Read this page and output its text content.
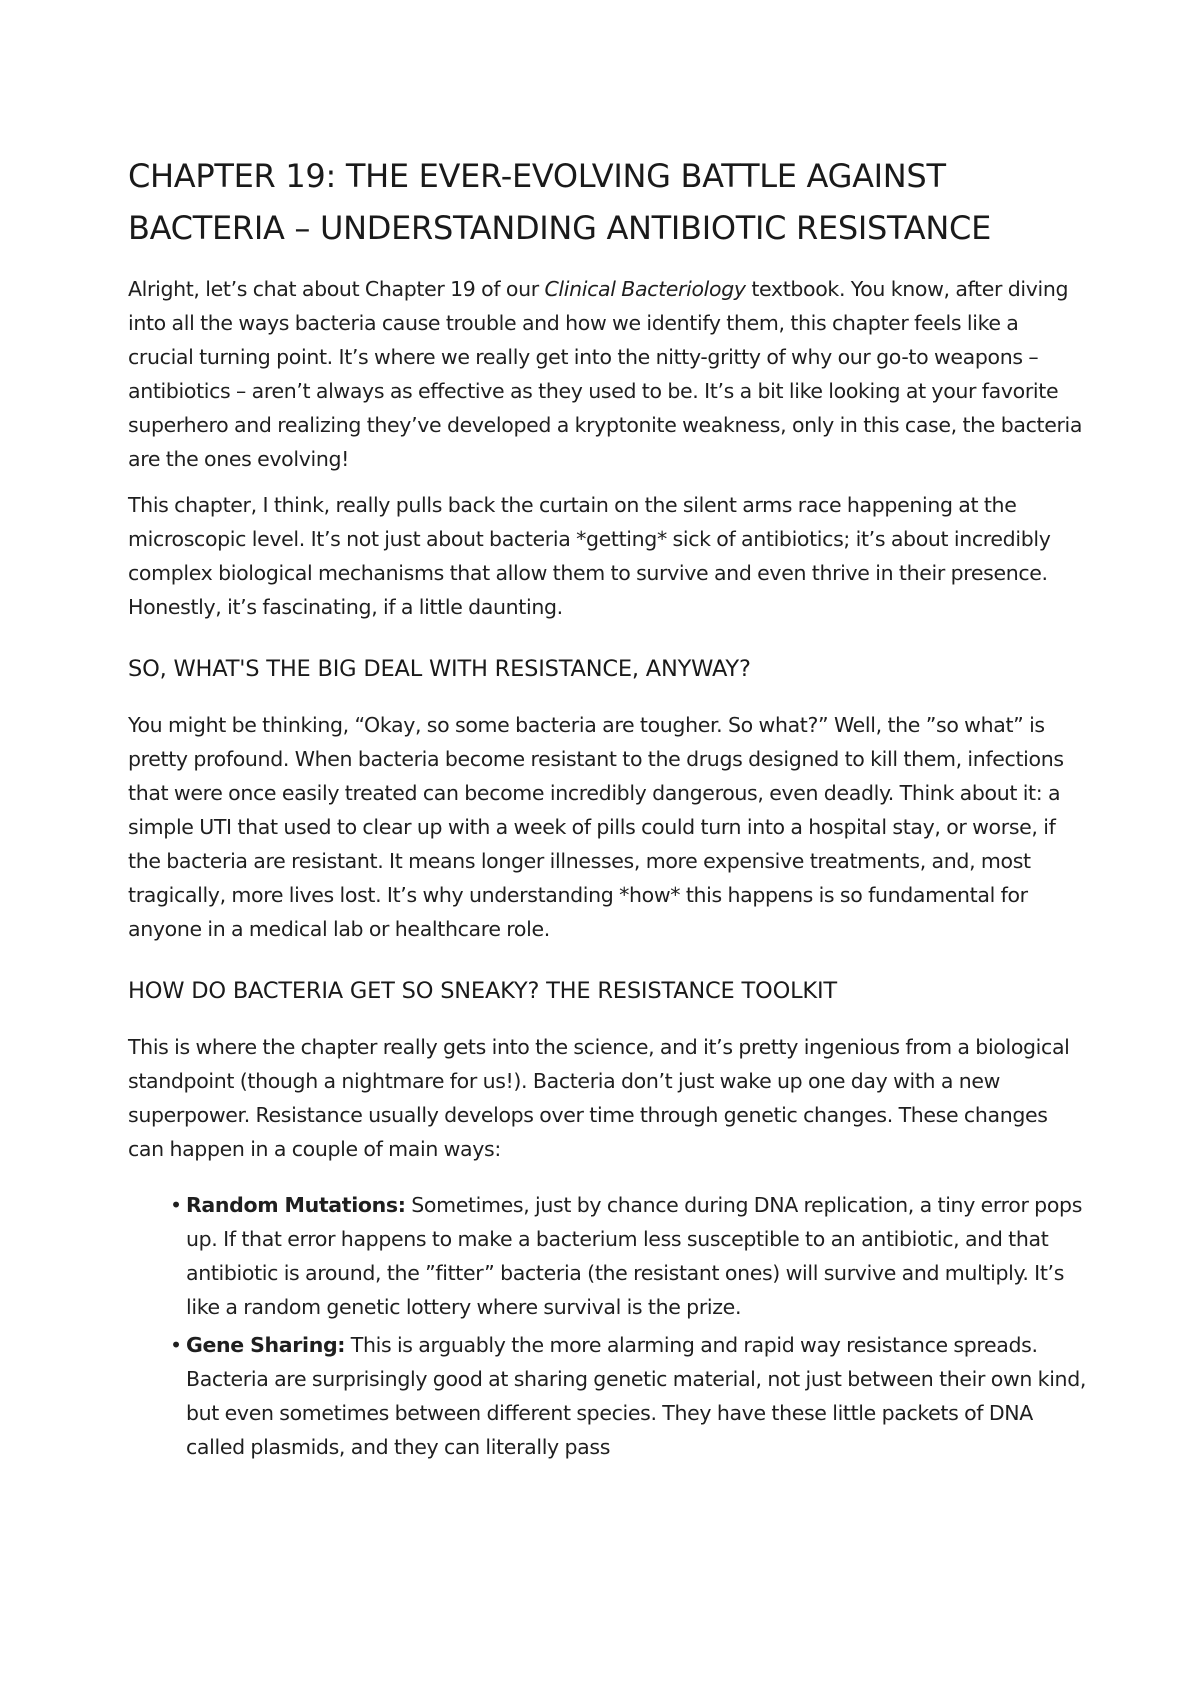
CHAPTER 19: THE EVER-EVOLVING BATTLE AGAINST BACTERIA – UNDERSTANDING ANTIBIOTIC RESISTANCE

Alright, let’s chat about Chapter 19 of our Clinical Bacteriology textbook. You know, after diving into all the ways bacteria cause trouble and how we identify them, this chapter feels like a crucial turning point. It’s where we really get into the nitty-gritty of why our go-to weapons – antibiotics – aren’t always as effective as they used to be. It’s a bit like looking at your favorite superhero and realizing they’ve developed a kryptonite weakness, only in this case, the bacteria are the ones evolving!

This chapter, I think, really pulls back the curtain on the silent arms race happening at the microscopic level. It’s not just about bacteria *getting* sick of antibiotics; it’s about incredibly complex biological mechanisms that allow them to survive and even thrive in their presence. Honestly, it’s fascinating, if a little daunting.

SO, WHAT'S THE BIG DEAL WITH RESISTANCE, ANYWAY?

You might be thinking, “Okay, so some bacteria are tougher. So what?” Well, the ”so what” is pretty profound. When bacteria become resistant to the drugs designed to kill them, infections that were once easily treated can become incredibly dangerous, even deadly. Think about it: a simple UTI that used to clear up with a week of pills could turn into a hospital stay, or worse, if the bacteria are resistant. It means longer illnesses, more expensive treatments, and, most tragically, more lives lost. It’s why understanding *how* this happens is so fundamental for anyone in a medical lab or healthcare role.

HOW DO BACTERIA GET SO SNEAKY? THE RESISTANCE TOOLKIT

This is where the chapter really gets into the science, and it’s pretty ingenious from a biological standpoint (though a nightmare for us!). Bacteria don’t just wake up one day with a new superpower. Resistance usually develops over time through genetic changes. These changes can happen in a couple of main ways:

• Random Mutations: Sometimes, just by chance during DNA replication, a tiny error pops up. If that error happens to make a bacterium less susceptible to an antibiotic, and that antibiotic is around, the ”fitter” bacteria (the resistant ones) will survive and multiply. It’s like a random genetic lottery where survival is the prize.
• Gene Sharing: This is arguably the more alarming and rapid way resistance spreads. Bacteria are surprisingly good at sharing genetic material, not just between their own kind, but even sometimes between different species. They have these little packets of DNA called plasmids, and they can literally pass
